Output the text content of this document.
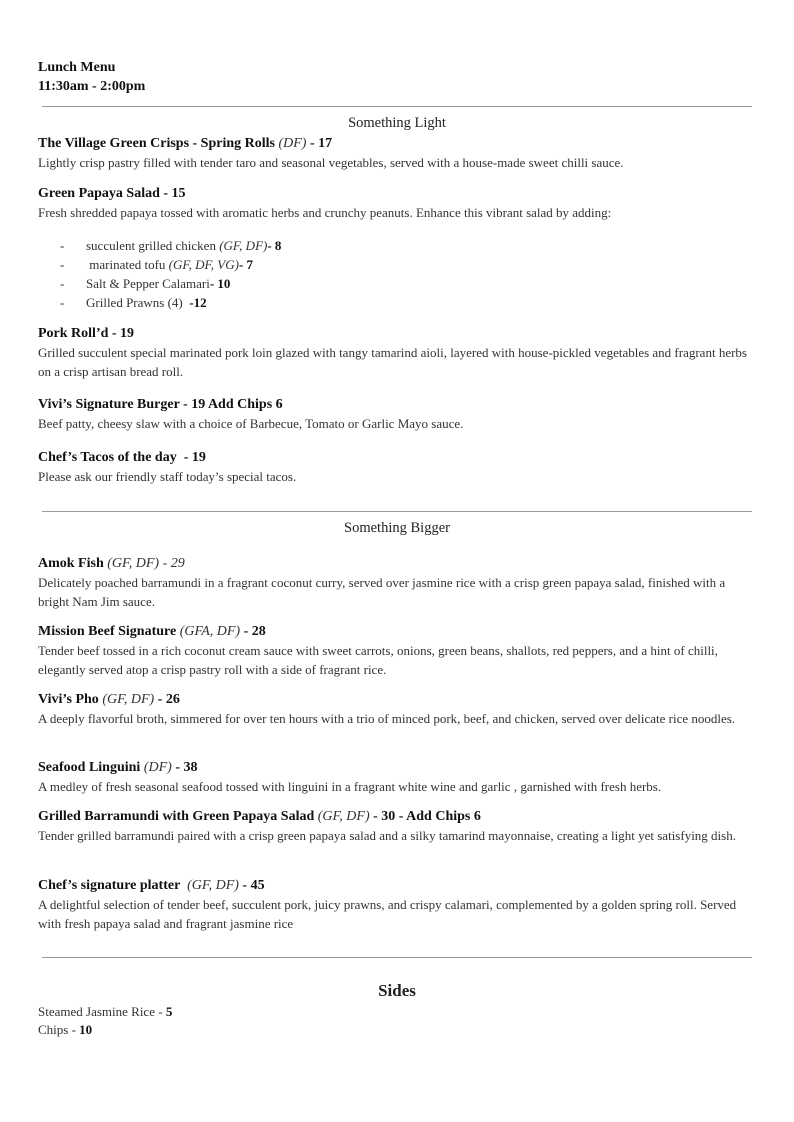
Lunch Menu
11:30am - 2:00pm
Something Light
The Village Green Crisps - Spring Rolls (DF) - 17
Lightly crisp pastry filled with tender taro and seasonal vegetables, served with a house-made sweet chilli sauce.
Green Papaya Salad - 15
Fresh shredded papaya tossed with aromatic herbs and crunchy peanuts. Enhance this vibrant salad by adding:
- succulent grilled chicken (GF, DF)- 8
- marinated tofu (GF, DF, VG)- 7
- Salt & Pepper Calamari- 10
- Grilled Prawns (4)  -12
Pork Roll’d - 19
Grilled succulent special marinated pork loin glazed with tangy tamarind aioli, layered with house-pickled vegetables and fragrant herbs on a crisp artisan bread roll.
Vivi’s Signature Burger - 19 Add Chips 6
Beef patty, cheesy slaw with a choice of Barbecue, Tomato or Garlic Mayo sauce.
Chef’s Tacos of the day  - 19
Please ask our friendly staff today’s special tacos.
Something Bigger
Amok Fish (GF, DF) - 29
Delicately poached barramundi in a fragrant coconut curry, served over jasmine rice with a crisp green papaya salad, finished with a bright Nam Jim sauce.
Mission Beef Signature (GFA, DF) - 28
Tender beef tossed in a rich coconut cream sauce with sweet carrots, onions, green beans, shallots, red peppers, and a hint of chilli, elegantly served atop a crisp pastry roll with a side of fragrant rice.
Vivi’s Pho (GF, DF) - 26
A deeply flavorful broth, simmered for over ten hours with a trio of minced pork, beef, and chicken, served over delicate rice noodles.
Seafood Linguini (DF) - 38
A medley of fresh seasonal seafood tossed with linguini in a fragrant white wine and garlic , garnished with fresh herbs.
Grilled Barramundi with Green Papaya Salad (GF, DF) - 30 - Add Chips 6
Tender grilled barramundi paired with a crisp green papaya salad and a silky tamarind mayonnaise, creating a light yet satisfying dish.
Chef’s signature platter  (GF, DF) - 45
A delightful selection of tender beef, succulent pork, juicy prawns, and crispy calamari, complemented by a golden spring roll. Served with fresh papaya salad and fragrant jasmine rice
Sides
Steamed Jasmine Rice - 5
Chips - 10
